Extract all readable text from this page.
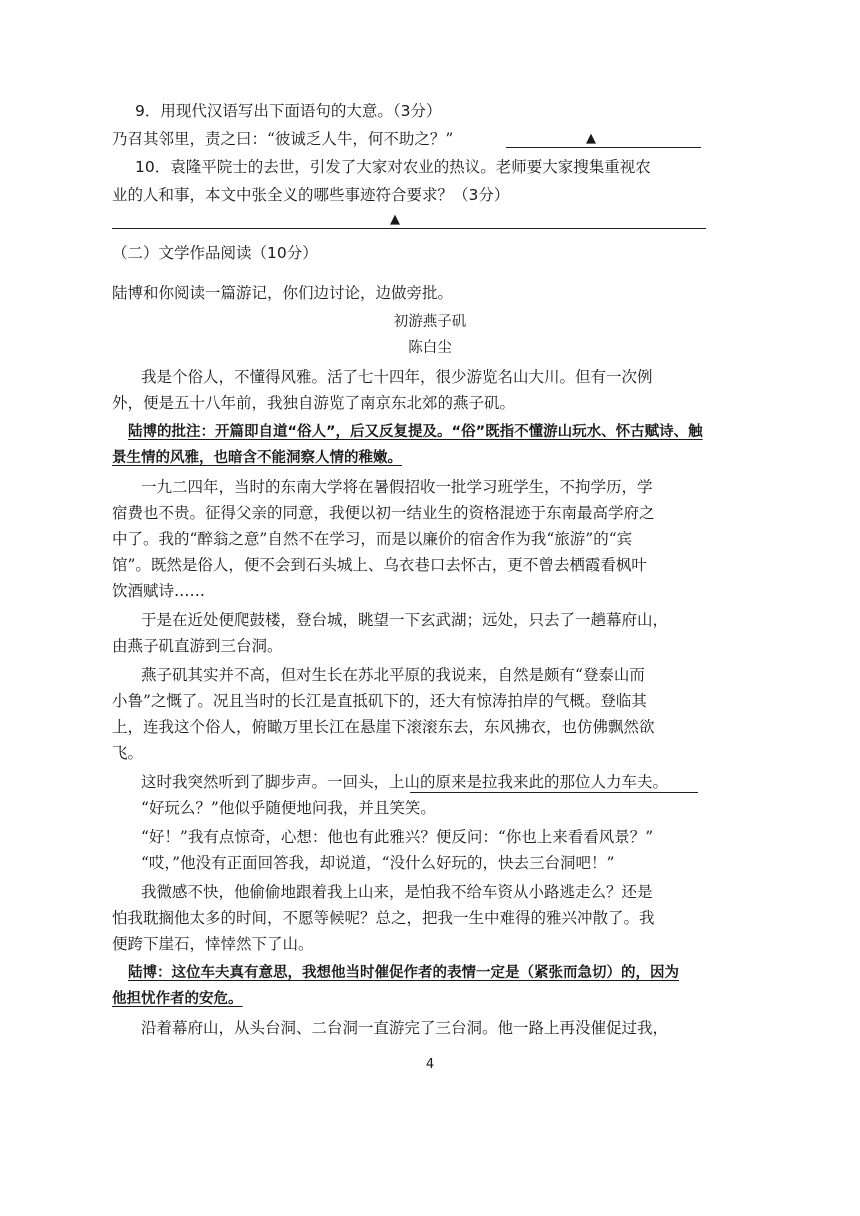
9．用现代汉语写出下面语句的大意。（3分）
乃召其邻里，责之曰：“彼诚乏人牛，何不助之？”	▲
10．袁隆平院士的去世，引发了大家对农业的热议。老师要大家搜集重视农
业的人和事，本文中张全义的哪些事迹符合要求？（3分）
▲
（二）文学作品阅读（10分）
陆博和你阅读一篇游记，你们边讨论，边做旁批。
初游燕子矶
陈白尘
我是个俗人，不懂得风雅。活了七十四年，很少游览名山大川。但有一次例
外，便是五十八年前，我独自游览了南京东北郊的燕子矶。
陆博的批注：开篇即自道“俗人”，后又反复提及。“俗”既指不懂游山玩水、怀古赋诗、触
景生情的风雅，也暗含不能洞察人情的稚嫩。
一九二四年，当时的东南大学将在暑假招收一批学习班学生，不拘学历，学
宿费也不贵。征得父亲的同意，我便以初一结业生的资格混迹于东南最高学府之
中了。我的“醉翁之意”自然不在学习，而是以廉价的宿舍作为我“旅游”的“宾
馆”。既然是俗人，便不会到石头城上、乌衣巷口去怀古，更不曾去栖霞看枫叶
饮酒赋诗……
于是在近处便爬鼓楼，登台城，眺望一下玄武湖；远处，只去了一趟幕府山，
由燕子矶直游到三台洞。
燕子矶其实并不高，但对生长在苏北平原的我说来，自然是颇有“登泰山而
小鲁”之慨了。况且当时的长江是直抵矶下的，还大有惊涛拍岸的气概。登临其
上，连我这个俗人，俯瞰万里长江在悬崖下滚滚东去，东风拂衣，也仿佛飘然欲
飞。
这时我突然听到了脚步声。一回头，上山的原来是拉我来此的那位人力车夫。
“好玩么？”他似乎随便地问我，并且笑笑。
“好！”我有点惊奇，心想：他也有此雅兴？便反问：“你也上来看看风景？”
“哎，”他没有正面回答我，却说道，“没什么好玩的，快去三台洞吧！”
我微感不快，他偷偷地跟着我上山来，是怕我不给车资从小路逃走么？还是
怕我耽搁他太多的时间，不愿等候呢？总之，把我一生中难得的雅兴冲散了。我
便跨下崖石，悻悻然下了山。
陆博：这位车夫真有意思，我想他当时催促作者的表情一定是（紧张而急切）的，因为
他担忧作者的安危。
沿着幕府山，从头台洞、二台洞一直游完了三台洞。他一路上再没催促过我，
4
